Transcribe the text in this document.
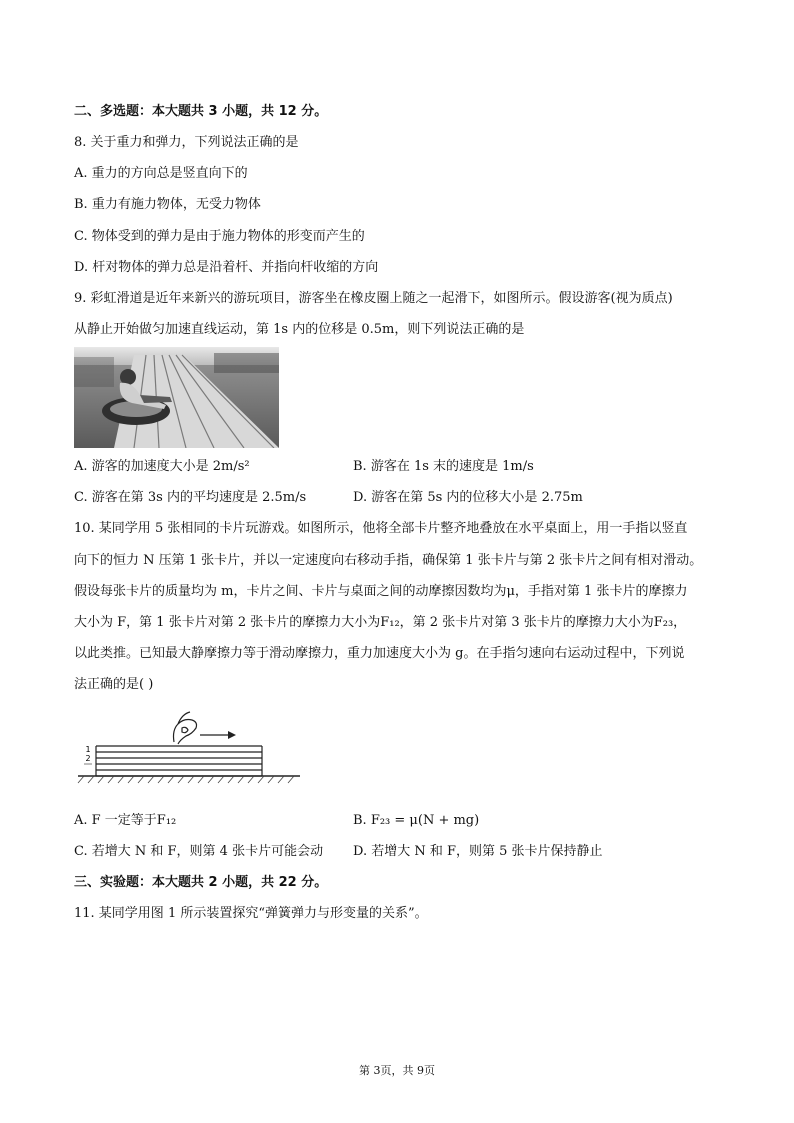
二、多选题：本大题共 3 小题，共 12 分。
8. 关于重力和弹力，下列说法正确的是
A. 重力的方向总是竖直向下的
B. 重力有施力物体，无受力物体
C. 物体受到的弹力是由于施力物体的形变而产生的
D. 杆对物体的弹力总是沿着杆、并指向杆收缩的方向
9. 彩虹滑道是近年来新兴的游玩项目，游客坐在橡皮圈上随之一起滑下，如图所示。假设游客(视为质点)
从静止开始做匀加速直线运动，第 1s 内的位移是 0.5m，则下列说法正确的是
A. 游客的加速度大小是 2m/s²	B. 游客在 1s 末的速度是 1m/s
C. 游客在第 3s 内的平均速度是 2.5m/s	D. 游客在第 5s 内的位移大小是 2.75m
10. 某同学用 5 张相同的卡片玩游戏。如图所示，他将全部卡片整齐地叠放在水平桌面上，用一手指以竖直
向下的恒力 N 压第 1 张卡片，并以一定速度向右移动手指，确保第 1 张卡片与第 2 张卡片之间有相对滑动。
假设每张卡片的质量均为 m，卡片之间、卡片与桌面之间的动摩擦因数均为μ，手指对第 1 张卡片的摩擦力
大小为 F，第 1 张卡片对第 2 张卡片的摩擦力大小为F₁₂，第 2 张卡片对第 3 张卡片的摩擦力大小为F₂₃，
以此类推。已知最大静摩擦力等于滑动摩擦力，重力加速度大小为 g。在手指匀速向右运动过程中，下列说
法正确的是( )
1
2
A. F 一定等于F₁₂	B. F₂₃ = μ(N + mg)
C. 若增大 N 和 F，则第 4 张卡片可能会动 D. 若增大 N 和 F，则第 5 张卡片保持静止
三、实验题：本大题共 2 小题，共 22 分。
11. 某同学用图 1 所示装置探究“弹簧弹力与形变量的关系”。
第 3页，共 9页
